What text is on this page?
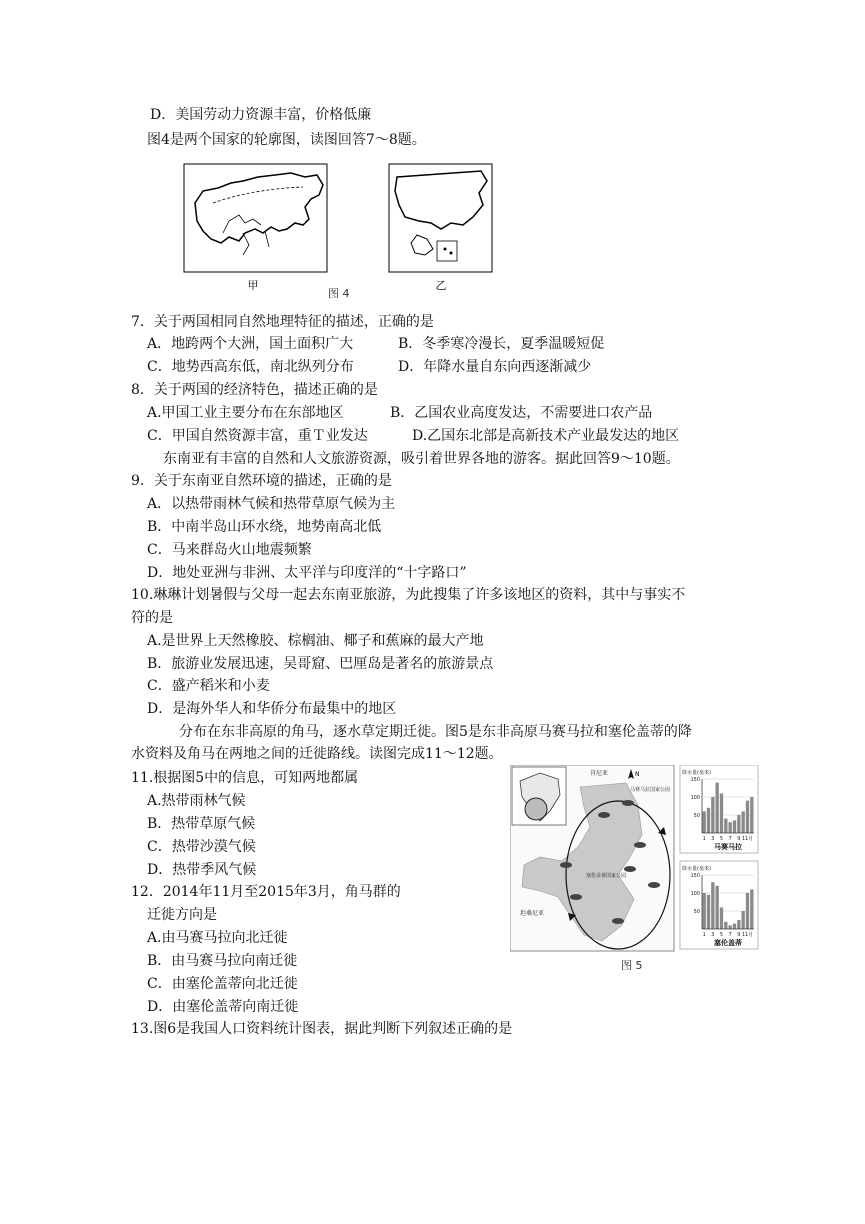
D．美国劳动力资源丰富，价格低廉
图4是两个国家的轮廓图，读图回答7～8题。
甲	乙
图 4
7．关于两国相同自然地理特征的描述，正确的是
A．地跨两个大洲，国土面积广大	B．冬季寒冷漫长，夏季温暖短促
C．地势西高东低，南北纵列分布	D．年降水量自东向西逐渐减少
8．关于两国的经济特色，描述正确的是
A.甲国工业主要分布在东部地区	B．乙国农业高度发达，不需要进口农产品
C．甲国自然资源丰富，重Ｔ业发达	D.乙国东北部是高新技术产业最发达的地区
东南亚有丰富的自然和人文旅游资源，吸引着世界各地的游客。据此回答9～10题。
9．关于东南亚自然环境的描述，正确的是
A．以热带雨林气候和热带草原气候为主
B．中南半岛山环水绕，地势南高北低
C．马来群岛火山地震频繁
D．地处亚洲与非洲、太平洋与印度洋的“十字路口”
10.琳琳计划暑假与父母一起去东南亚旅游，为此搜集了许多该地区的资料，其中与事实不
符的是
A.是世界上天然橡胶、棕榈油、椰子和蕉麻的最大产地
B．旅游业发展迅速，吴哥窟、巴厘岛是著名的旅游景点
C．盛产稻米和小麦
D．是海外华人和华侨分布最集中的地区
分布在东非高原的角马，逐水草定期迁徙。图5是东非高原马赛马拉和塞伦盖蒂的降
水资料及角马在两地之间的迁徙路线。读图完成11～12题。
11.根据图5中的信息，可知两地都属
A.热带雨林气候
B．热带草原气候
C．热带沙漠气候
D．热带季风气候
12．2014年11月至2015年3月，角马群的
迁徙方向是
A.由马赛马拉向北迁徙
B．由马赛马拉向南迁徙
C．由塞伦盖蒂向北迁徙
D．由塞伦盖蒂向南迁徙
13.图6是我国人口资料统计图表，据此判断下列叙述正确的是
肯尼亚
坦桑尼亚
马赛马拉国家公园
塞伦盖蒂国家公园
N	降水量(毫米)
50
100
150
1 3 5 7 9 11月
马赛马拉
降水量(毫米)
50
100
150
1 3 5 7 9 11月
塞伦盖蒂
图 5
